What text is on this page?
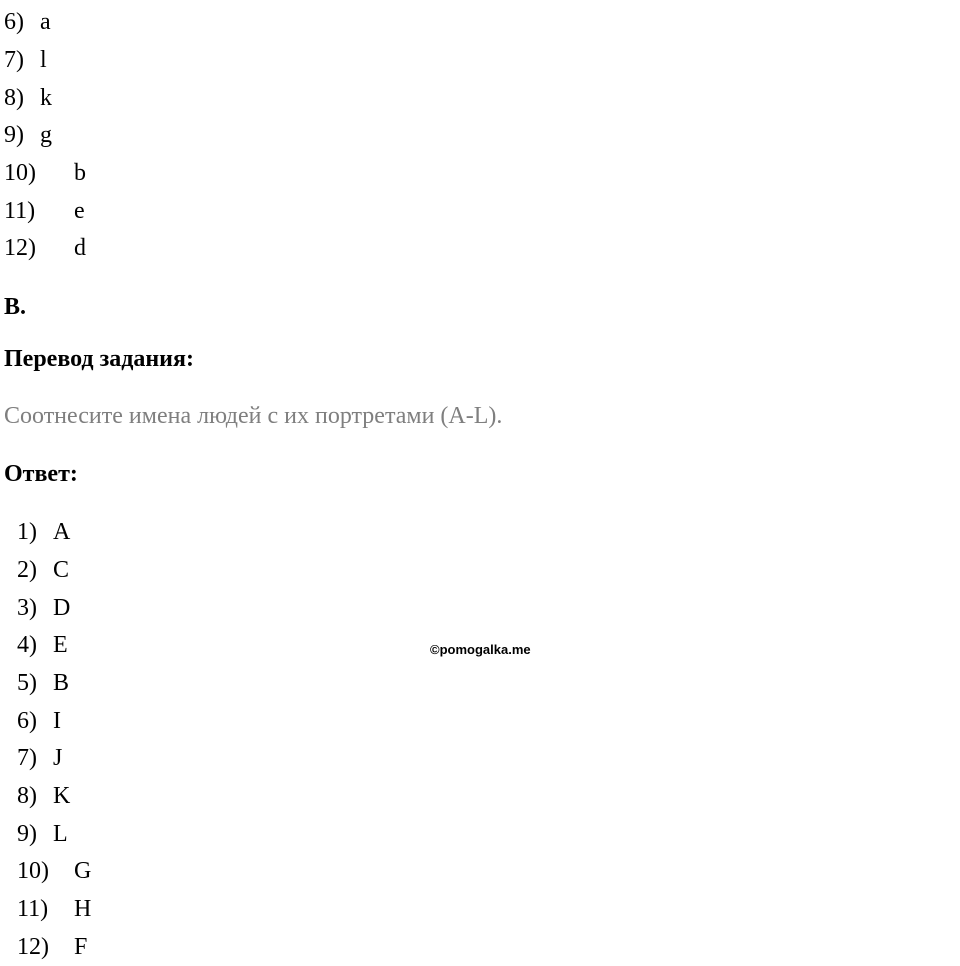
6) a
7) l
8) k
9) g
10) b
11) e
12) d
B.
Перевод задания:
Соотнесите имена людей с их портретами (A-L).
Ответ:
1) A
2) C
3) D
4) E
5) B
6) I
7) J
8) K
9) L
10) G
11) H
12) F
©pomogalka.me
